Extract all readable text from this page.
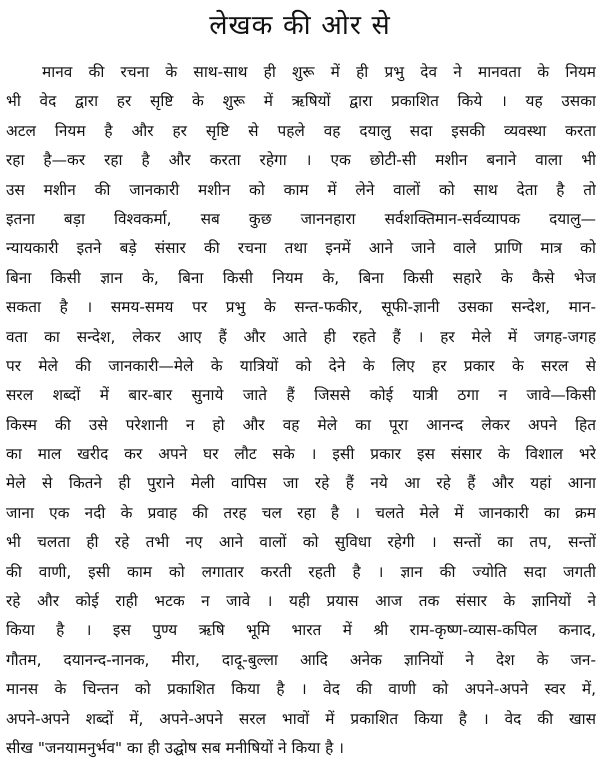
लेखक की ओर से
मानव की रचना के साथ-साथ ही शुरू में ही प्रभु देव ने मानवता के नियम
भी वेद द्वारा हर सृष्टि के शुरू में ऋषियों द्वारा प्रकाशित किये । यह उसका
अटल नियम है और हर सृष्टि से पहले वह दयालु सदा इसकी व्यवस्था करता
रहा है—कर रहा है और करता रहेगा । एक छोटी-सी मशीन बनाने वाला भी
उस मशीन की जानकारी मशीन को काम में लेने वालों को साथ देता है तो
इतना बड़ा विश्वकर्मा, सब कुछ जाननहारा सर्वशक्तिमान-सर्वव्यापक दयालु—
न्यायकारी इतने बड़े संसार की रचना तथा इनमें आने जाने वाले प्राणि मात्र को
बिना किसी ज्ञान के, बिना किसी नियम के, बिना किसी सहारे के कैसे भेज
सकता है । समय-समय पर प्रभु के सन्त-फकीर, सूफी-ज्ञानी उसका सन्देश, मान-
वता का सन्देश, लेकर आए हैं और आते ही रहते हैं । हर मेले में जगह-जगह
पर मेले की जानकारी—मेले के यात्रियों को देने के लिए हर प्रकार के सरल से
सरल शब्दों में बार-बार सुनाये जाते हैं जिससे कोई यात्री ठगा न जावे—किसी
किस्म की उसे परेशानी न हो और वह मेले का पूरा आनन्द लेकर अपने हित
का माल खरीद कर अपने घर लौट सके । इसी प्रकार इस संसार के विशाल भरे
मेले से कितने ही पुराने मेली वापिस जा रहे हैं नये आ रहे हैं और यहां आना
जाना एक नदी के प्रवाह की तरह चल रहा है । चलते मेले में जानकारी का क्रम
भी चलता ही रहे तभी नए आने वालों को सुविधा रहेगी । सन्तों का तप, सन्तों
की वाणी, इसी काम को लगातार करती रहती है । ज्ञान की ज्योति सदा जगती
रहे और कोई राही भटक न जावे । यही प्रयास आज तक संसार के ज्ञानियों ने
किया है । इस पुण्य ऋषि भूमि भारत में श्री राम-कृष्ण-व्यास-कपिल कनाद,
गौतम, दयानन्द-नानक, मीरा, दादू-बुल्ला आदि अनेक ज्ञानियों ने देश के जन-
मानस के चिन्तन को प्रकाशित किया है । वेद की वाणी को अपने-अपने स्वर में,
अपने-अपने शब्दों में, अपने-अपने सरल भावों में प्रकाशित किया है । वेद की खास
सीख "जनयामनुर्भव" का ही उद्घोष सब मनीषियों ने किया है ।
